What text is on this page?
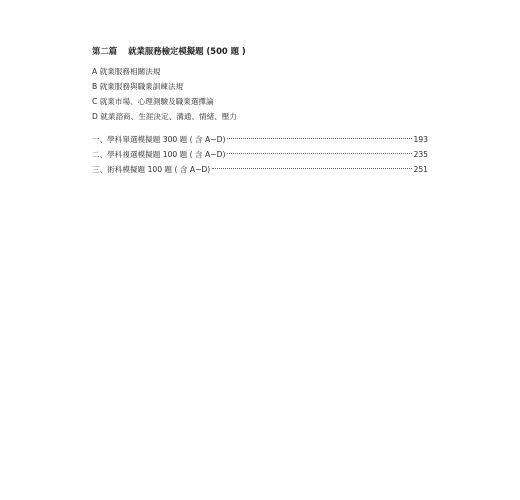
第二篇 就業服務檢定模擬題 (500 題 )
A 就業服務相關法規
B 就業服務與職業訓練法規
C 就業市場、心理測驗及職業選擇論
D 就業諮商、生涯決定、溝通、情緒、壓力
一、學科單選模擬題 300 題 ( 含 A~D)	193
二、學科複選模擬題 100 題 ( 含 A~D)	235
三、術科模擬題 100 題 ( 含 A~D)	251
